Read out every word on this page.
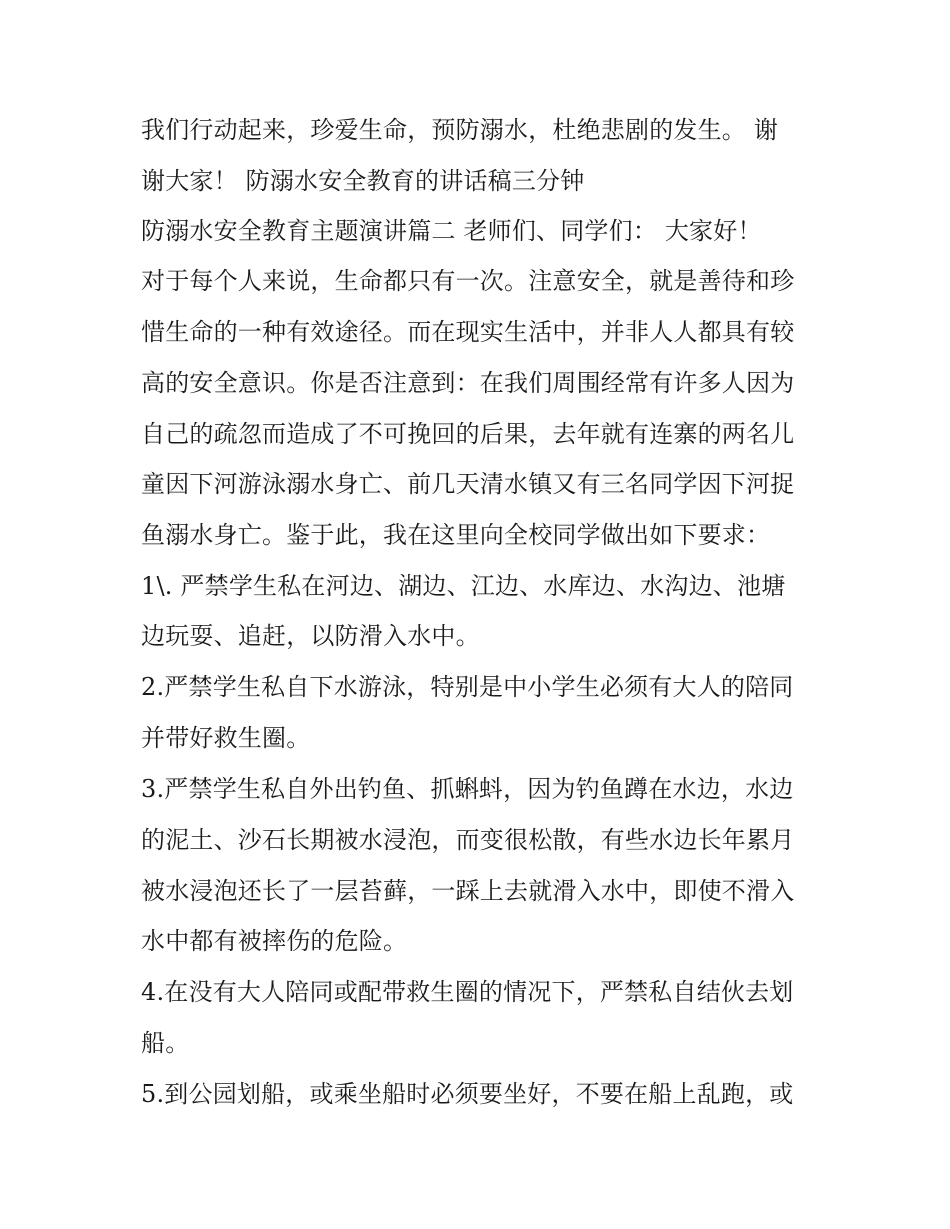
我们行动起来，珍爱生命，预防溺水，杜绝悲剧的发生。 谢
谢大家！ 防溺水安全教育的讲话稿三分钟
防溺水安全教育主题演讲篇二 老师们、同学们： 大家好！
对于每个人来说，生命都只有一次。注意安全，就是善待和珍
惜生命的一种有效途径。而在现实生活中，并非人人都具有较
高的安全意识。你是否注意到：在我们周围经常有许多人因为
自己的疏忽而造成了不可挽回的后果，去年就有连寨的两名儿
童因下河游泳溺水身亡、前几天清水镇又有三名同学因下河捉
鱼溺水身亡。鉴于此，我在这里向全校同学做出如下要求：
1\. 严禁学生私在河边、湖边、江边、水库边、水沟边、池塘
边玩耍、追赶，以防滑入水中。
2.严禁学生私自下水游泳，特别是中小学生必须有大人的陪同
并带好救生圈。
3.严禁学生私自外出钓鱼、抓蝌蚪，因为钓鱼蹲在水边，水边
的泥土、沙石长期被水浸泡，而变很松散，有些水边长年累月
被水浸泡还长了一层苔藓，一踩上去就滑入水中，即使不滑入
水中都有被摔伤的危险。
4.在没有大人陪同或配带救生圈的情况下，严禁私自结伙去划
船。
5.到公园划船，或乘坐船时必须要坐好，不要在船上乱跑，或
